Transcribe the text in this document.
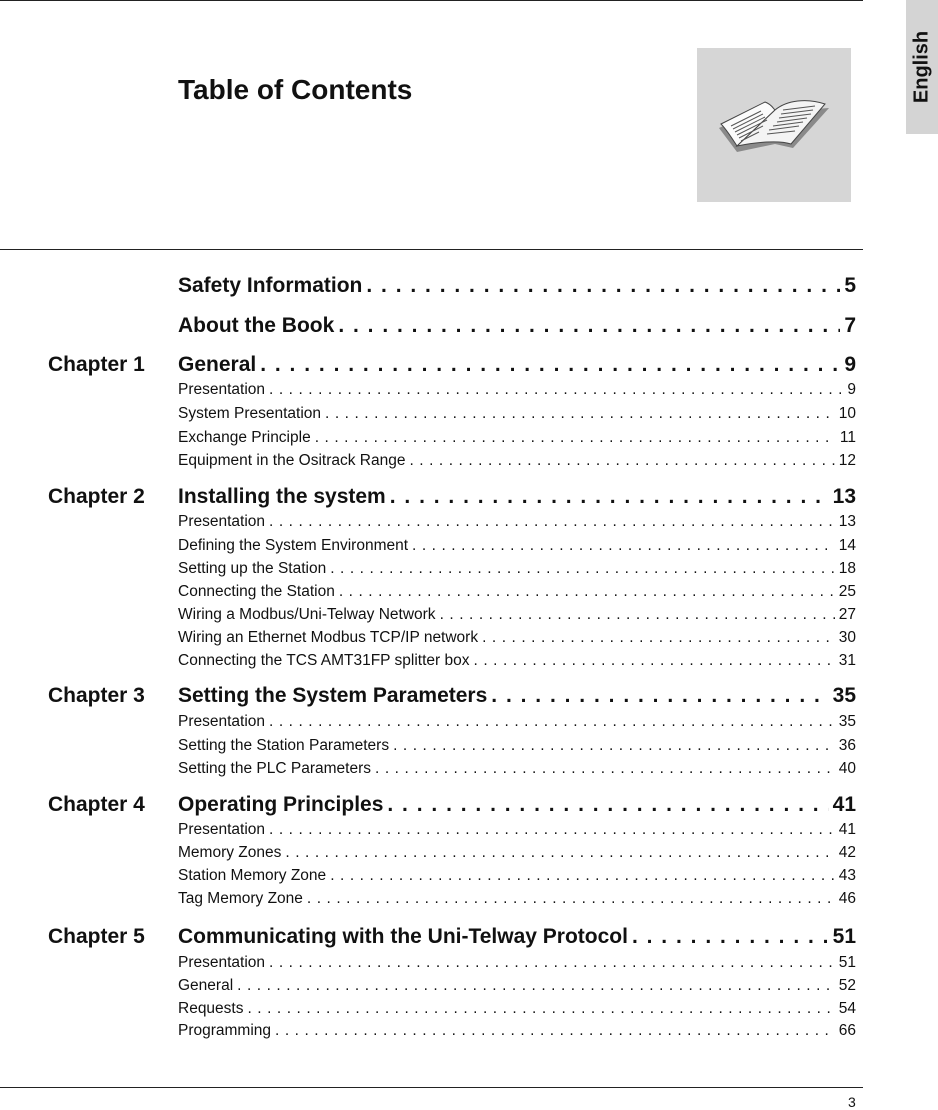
English
Table of Contents
Safety Information . . .	5
About the Book . . .	7
Chapter 1 General . . .	9
Presentation . . .	9
System Presentation . . .	10
Exchange Principle . . .	11
Equipment in the Ositrack Range . . .	12
Chapter 2 Installing the system . . .	13
Presentation . . .	13
Defining the System Environment . . .	14
Setting up the Station . . .	18
Connecting the Station . . .	25
Wiring a Modbus/Uni-Telway Network . . .	27
Wiring an Ethernet Modbus TCP/IP network . . .	30
Connecting the TCS AMT31FP splitter box . . .	31
Chapter 3 Setting the System Parameters . . .	35
Presentation . . .	35
Setting the Station Parameters . . .	36
Setting the PLC Parameters . . .	40
Chapter 4 Operating Principles . . .	41
Presentation . . .	41
Memory Zones . . .	42
Station Memory Zone . . .	43
Tag Memory Zone . . .	46
Chapter 5 Communicating with the Uni-Telway Protocol . . .	51
Presentation . . .	51
General . . .	52
Requests . . .	54
Programming . . .	66
3
